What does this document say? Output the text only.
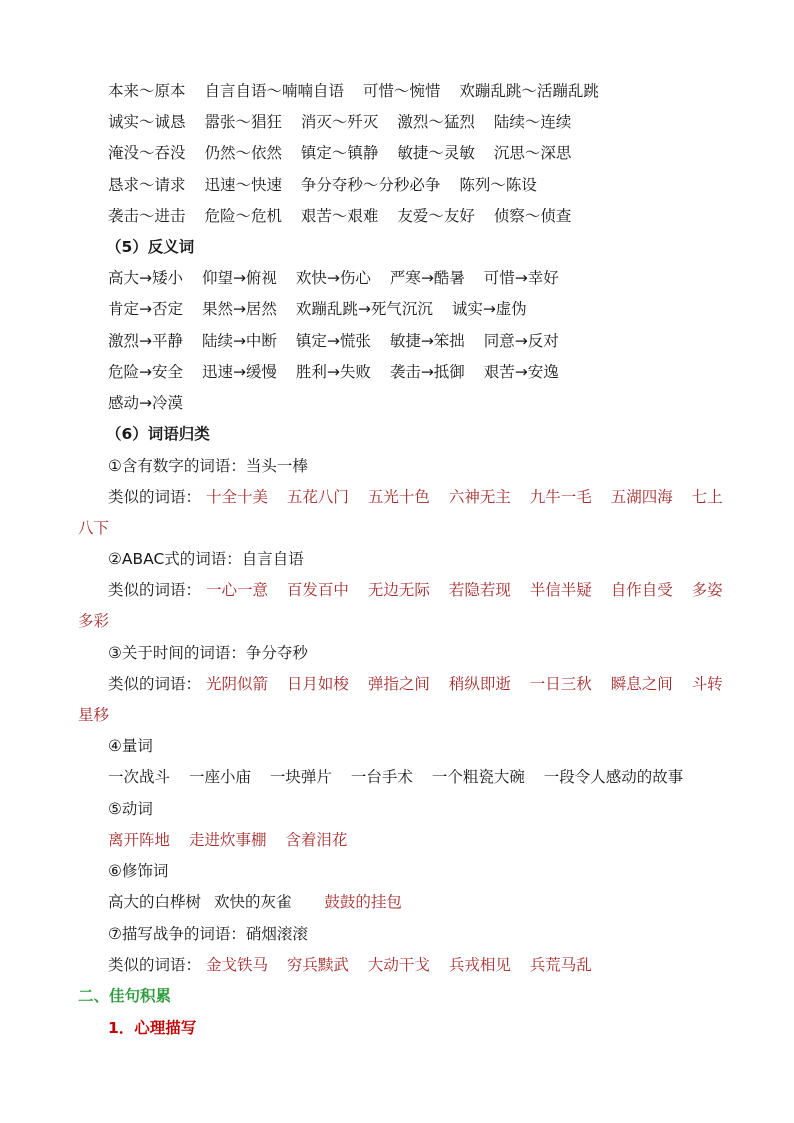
本来～原本 自言自语～喃喃自语 可惜～惋惜 欢蹦乱跳～活蹦乱跳
诚实～诚恳 嚣张～猖狂 消灭～歼灭 激烈～猛烈 陆续～连续
淹没～吞没 仍然～依然 镇定～镇静 敏捷～灵敏 沉思～深思
恳求～请求 迅速～快速 争分夺秒～分秒必争 陈列～陈设
袭击～进击 危险～危机 艰苦～艰难 友爱～友好 侦察～侦查
（5）反义词
高大→矮小 仰望→俯视 欢快→伤心 严寒→酷暑 可惜→幸好
肯定→否定 果然→居然 欢蹦乱跳→死气沉沉 诚实→虚伪
激烈→平静 陆续→中断 镇定→慌张 敏捷→笨拙 同意→反对
危险→安全 迅速→缓慢 胜利→失败 袭击→抵御 艰苦→安逸
感动→冷漠
（6）词语归类
①含有数字的词语：当头一棒
类似的词语： 十全十美 五花八门 五光十色 六神无主 九牛一毛 五湖四海 七上
八下
②ABAC式的词语：自言自语
类似的词语： 一心一意 百发百中 无边无际 若隐若现 半信半疑 自作自受 多姿
多彩
③关于时间的词语：争分夺秒
类似的词语： 光阴似箭 日月如梭 弹指之间 稍纵即逝 一日三秋 瞬息之间 斗转
星移
④量词
一次战斗 一座小庙 一块弹片 一台手术 一个粗瓷大碗 一段令人感动的故事
⑤动词
离开阵地 走进炊事棚 含着泪花
⑥修饰词
高大的白桦树 欢快的灰雀 鼓鼓的挂包
⑦描写战争的词语：硝烟滚滚
类似的词语： 金戈铁马 穷兵黩武 大动干戈 兵戎相见 兵荒马乱
二、佳句积累
1．心理描写
